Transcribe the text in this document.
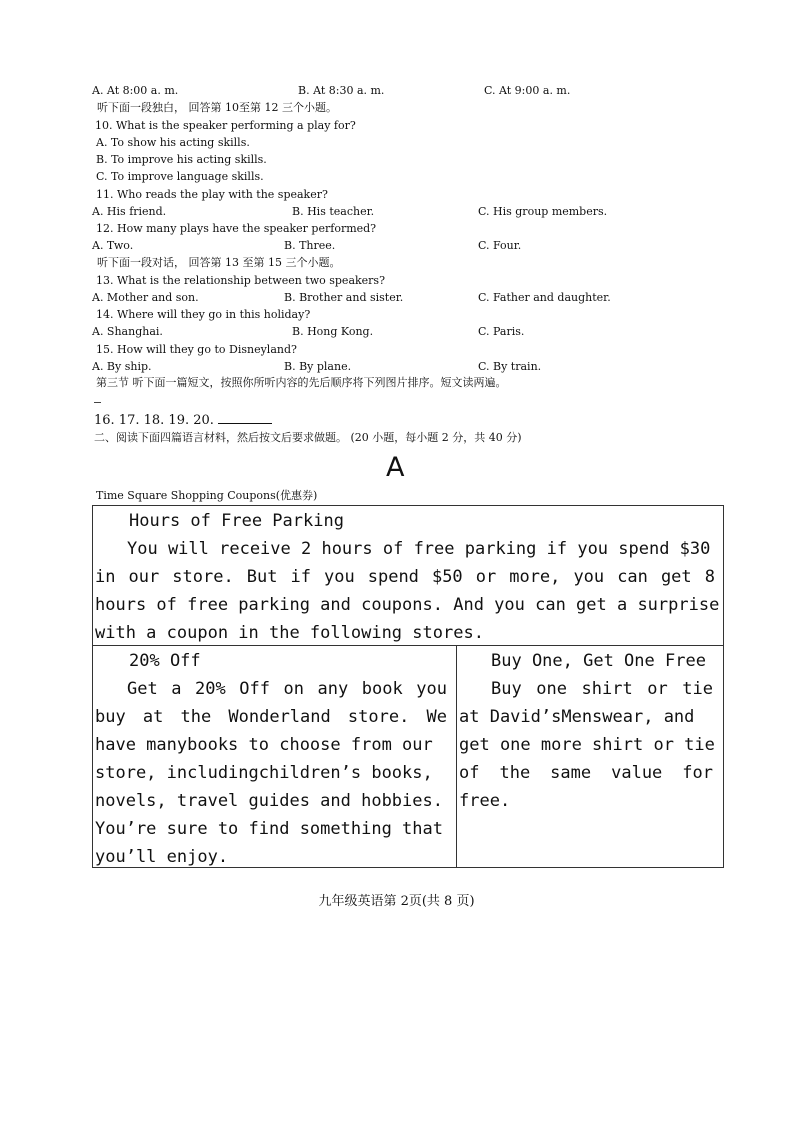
A. At 8:00 a. m.	B. At 8:30 a. m.	C. At 9:00 a. m.
听下面一段独白， 回答第 10至第 12 三个小题。
10. What is the speaker performing a play for?
A. To show his acting skills.
B. To improve his acting skills.
C. To improve language skills.
11. Who reads the play with the speaker?
A. His friend.	B. His teacher.	C. His group members.
12. How many plays have the speaker performed?
A. Two.	B. Three.	C. Four.
听下面一段对话， 回答第 13 至第 15 三个小题。
13. What is the relationship between two speakers?
A. Mother and son.	B. Brother and sister.	C. Father and daughter.
14. Where will they go in this holiday?
A. Shanghai.	B. Hong Kong.	C. Paris.
15. How will they go to Disneyland?
A. By ship.	B. By plane.	C. By train.
第三节 听下面一篇短文，按照你所听内容的先后顺序将下列图片排序。短文读两遍。
16. 17. 18. 19. 20.
二、阅读下面四篇语言材料，然后按文后要求做题。 (20 小题，每小题 2 分，共 40 分)
A
Time Square Shopping Coupons(优惠券)
Hours of Free Parking
You will receive 2 hours of free parking if you spend $30
in our store. But if you spend $50 or more, you can get 8
hours of free parking and coupons. And you can get a surprise
with a coupon in the following stores.
20% Off
Get a 20% Off on any book you
buy at the Wonderland store. We
have manybooks to choose from our
store, includingchildren’s books,
novels, travel guides and hobbies.
You’re sure to find something that
you’ll enjoy.
Buy One, Get One Free
Buy one shirt or tie
at David’sMenswear, and
get one more shirt or tie
of the same value for
free.
九年级英语第 2页(共 8 页)
